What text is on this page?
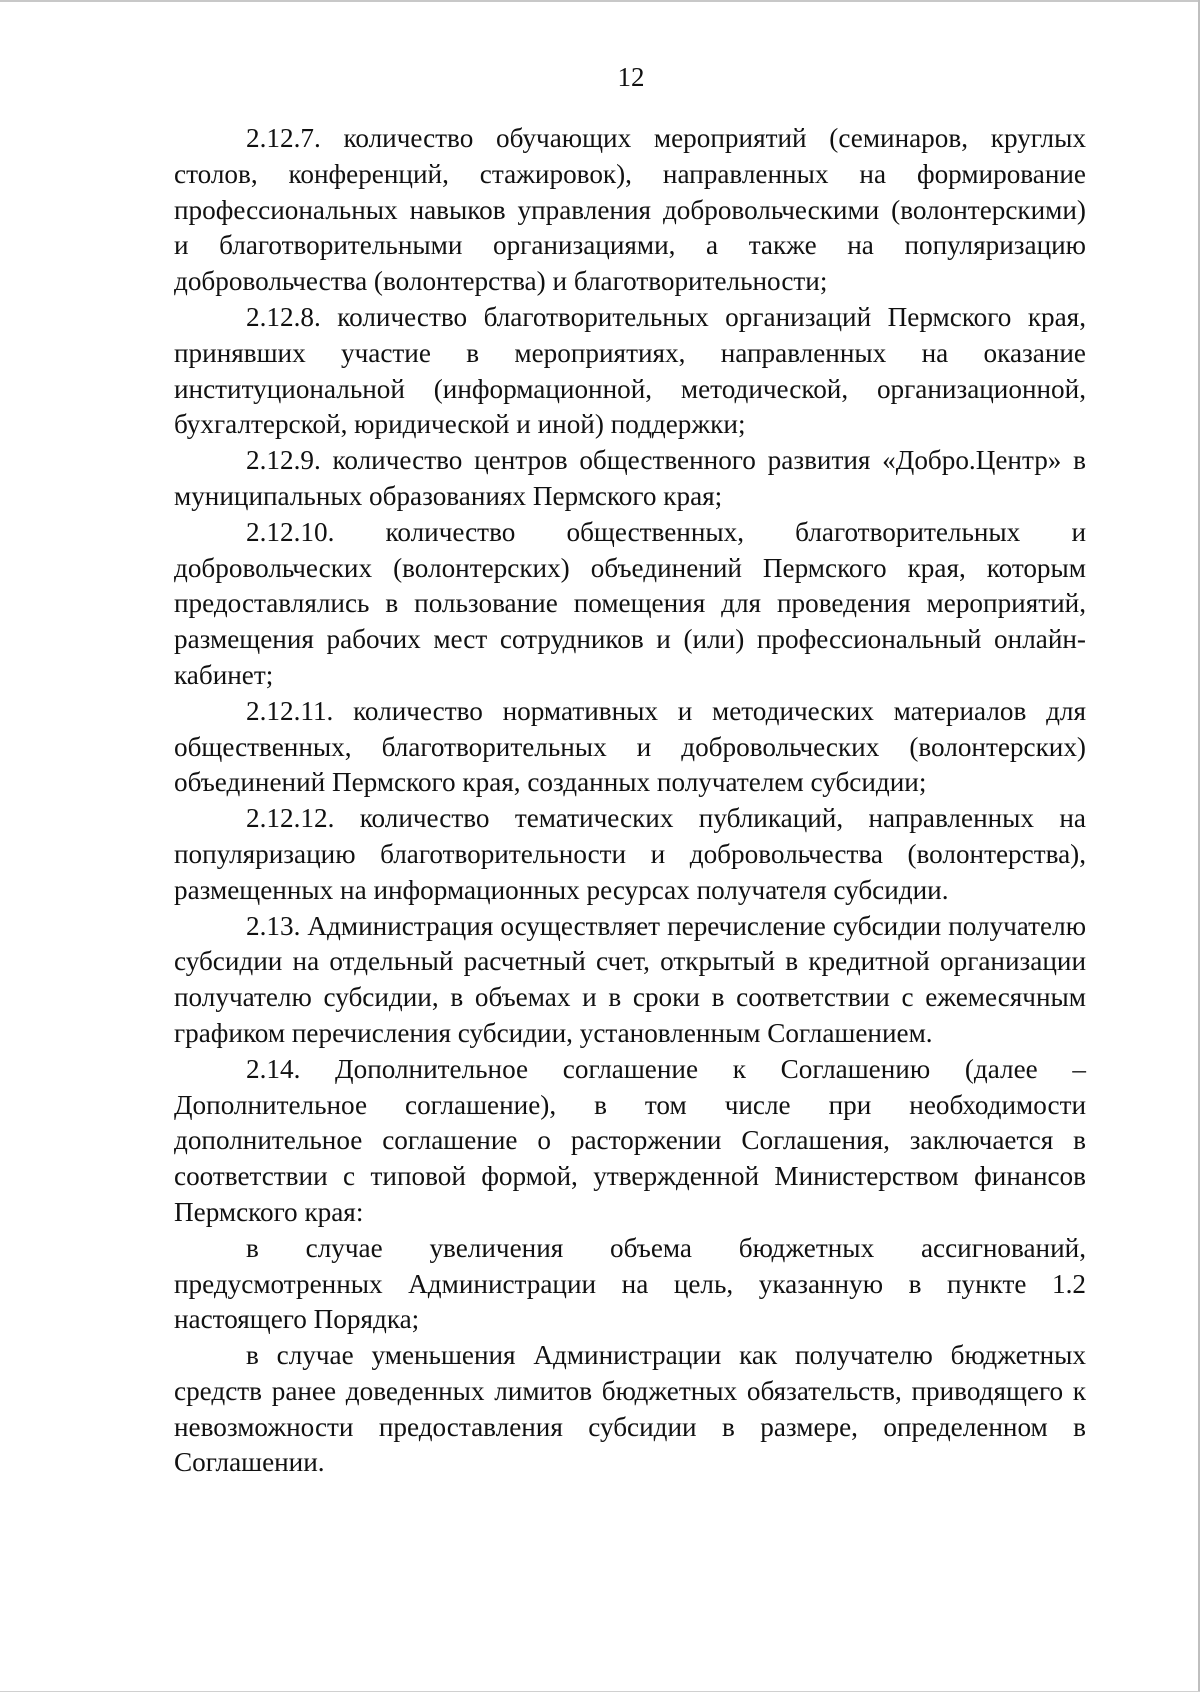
12

2.12.7. количество обучающих мероприятий (семинаров, круглых столов, конференций, стажировок), направленных на формирование профессиональных навыков управления добровольческими (волонтерскими) и благотворительными организациями, а также на популяризацию добровольчества (волонтерства) и благотворительности;

2.12.8. количество благотворительных организаций Пермского края, принявших участие в мероприятиях, направленных на оказание институциональной (информационной, методической, организационной, бухгалтерской, юридической и иной) поддержки;

2.12.9. количество центров общественного развития «Добро.Центр» в муниципальных образованиях Пермского края;

2.12.10. количество общественных, благотворительных и добровольческих (волонтерских) объединений Пермского края, которым предоставлялись в пользование помещения для проведения мероприятий, размещения рабочих мест сотрудников и (или) профессиональный онлайн-кабинет;

2.12.11. количество нормативных и методических материалов для общественных, благотворительных и добровольческих (волонтерских) объединений Пермского края, созданных получателем субсидии;

2.12.12. количество тематических публикаций, направленных на популяризацию благотворительности и добровольчества (волонтерства), размещенных на информационных ресурсах получателя субсидии.

2.13. Администрация осуществляет перечисление субсидии получателю субсидии на отдельный расчетный счет, открытый в кредитной организации получателю субсидии, в объемах и в сроки в соответствии с ежемесячным графиком перечисления субсидии, установленным Соглашением.

2.14. Дополнительное соглашение к Соглашению (далее – Дополнительное соглашение), в том числе при необходимости дополнительное соглашение о расторжении Соглашения, заключается в соответствии с типовой формой, утвержденной Министерством финансов Пермского края:

в случае увеличения объема бюджетных ассигнований, предусмотренных Администрации на цель, указанную в пункте 1.2 настоящего Порядка;

в случае уменьшения Администрации как получателю бюджетных средств ранее доведенных лимитов бюджетных обязательств, приводящего к невозможности предоставления субсидии в размере, определенном в Соглашении.
